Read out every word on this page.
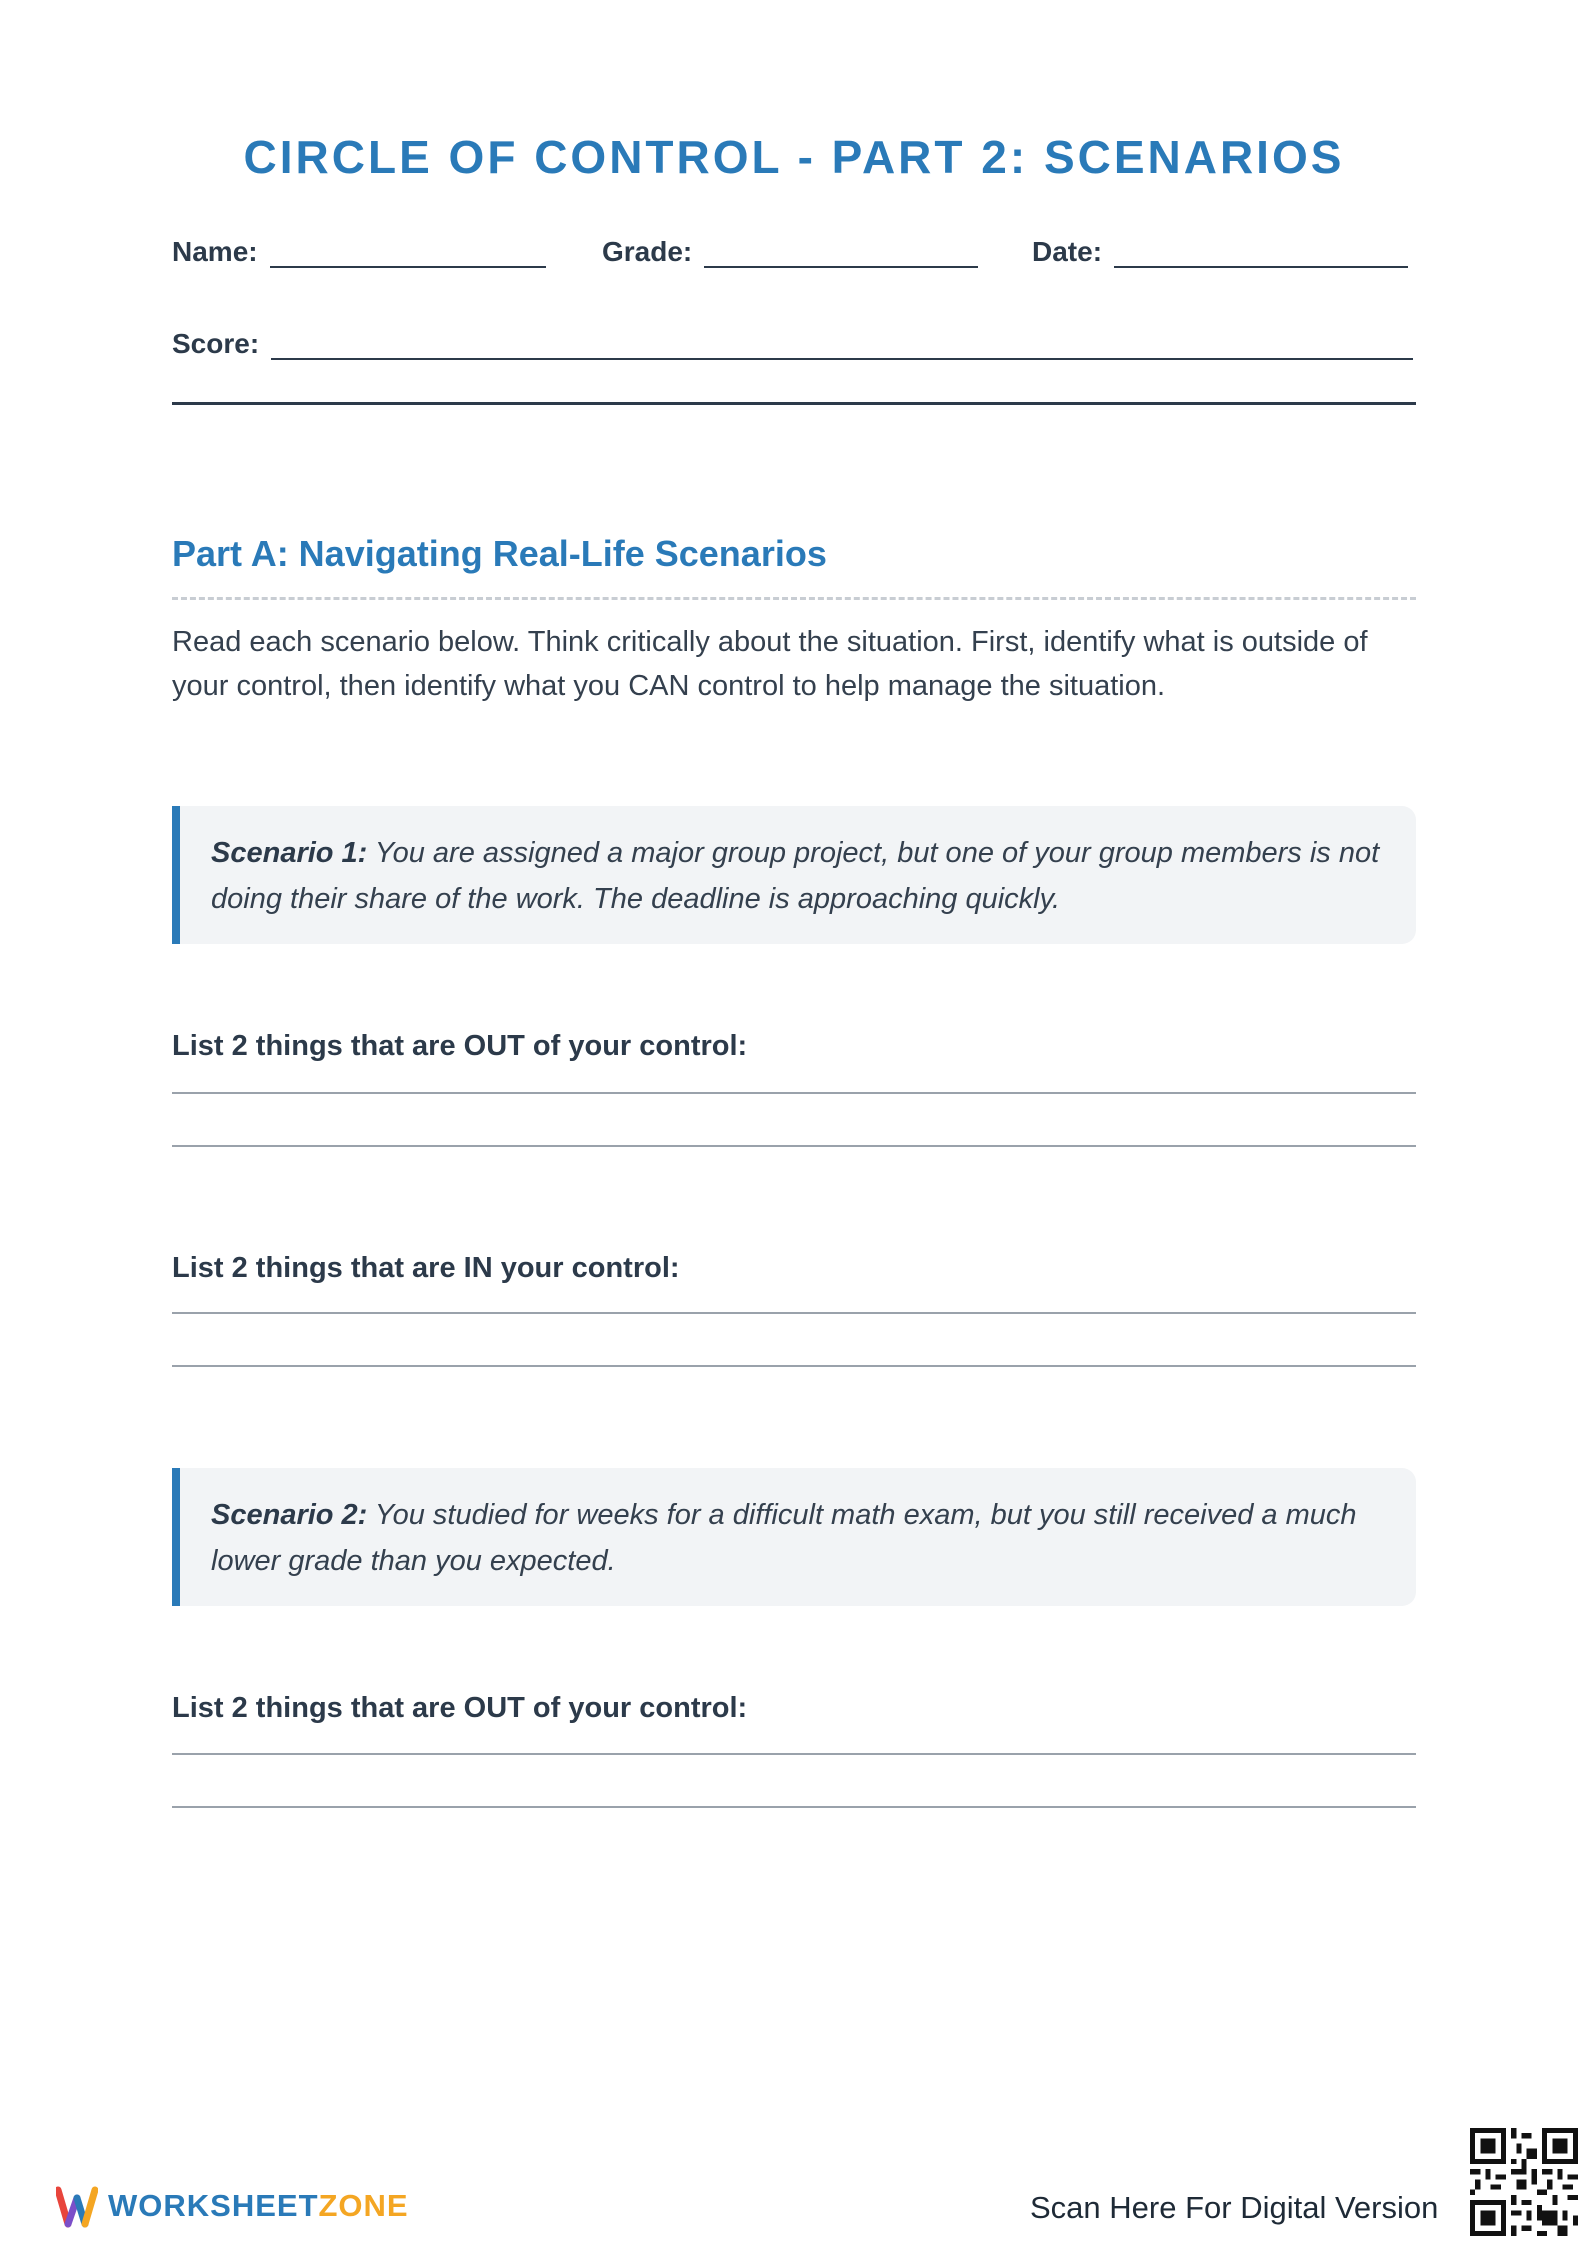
CIRCLE OF CONTROL - PART 2: SCENARIOS
Name:	Grade:	Date:
Score:
Part A: Navigating Real-Life Scenarios
Read each scenario below. Think critically about the situation. First, identify what is outside of your control, then identify what you CAN control to help manage the situation.
Scenario 1: You are assigned a major group project, but one of your group members is not doing their share of the work. The deadline is approaching quickly.
List 2 things that are OUT of your control:
List 2 things that are IN your control:
Scenario 2: You studied for weeks for a difficult math exam, but you still received a much lower grade than you expected.
List 2 things that are OUT of your control:
WORKSHEETZONE	Scan Here For Digital Version
